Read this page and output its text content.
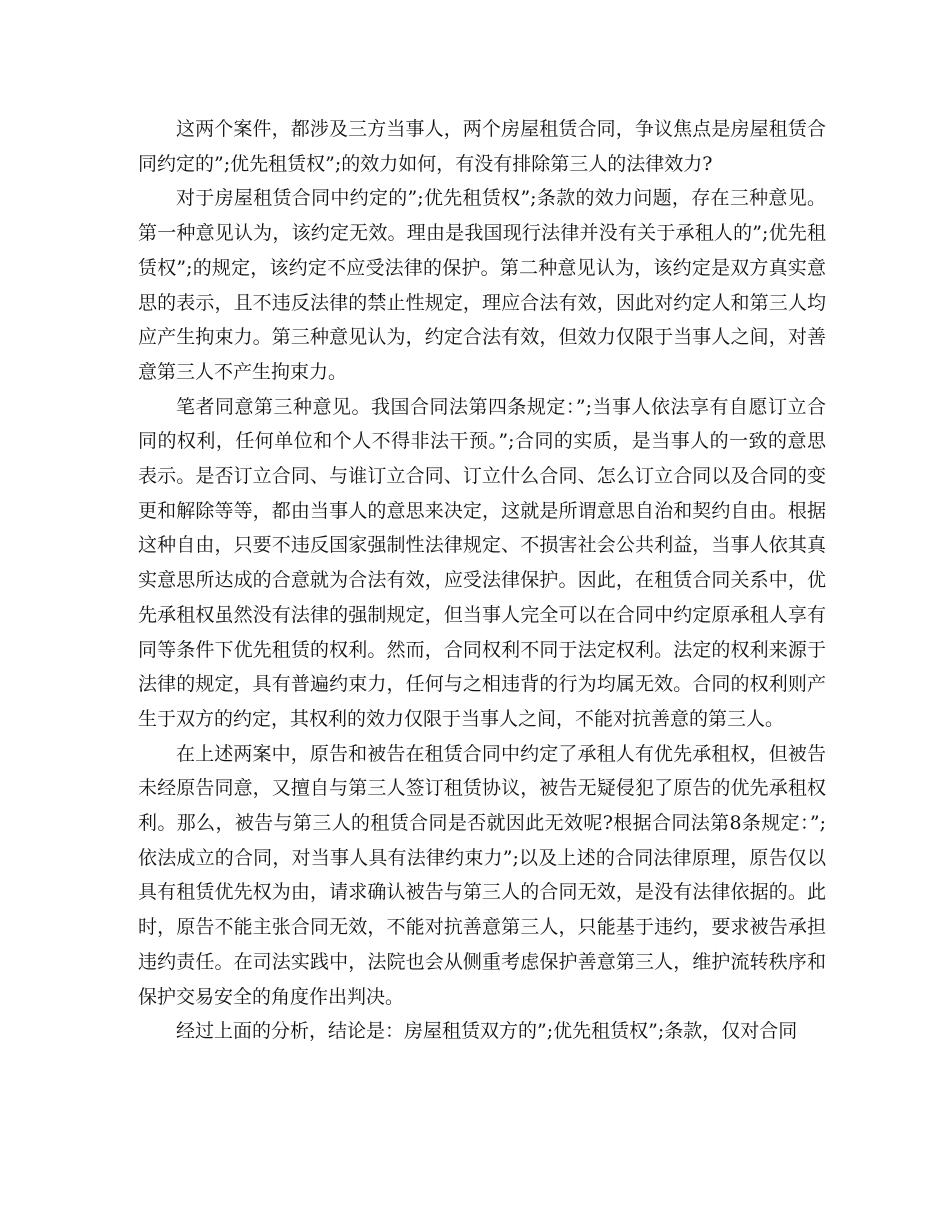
这两个案件，都涉及三方当事人，两个房屋租赁合同，争议焦点是房屋租赁合同约定的”;优先租赁权”;的效力如何，有没有排除第三人的法律效力?

对于房屋租赁合同中约定的”;优先租赁权”;条款的效力问题，存在三种意见。第一种意见认为，该约定无效。理由是我国现行法律并没有关于承租人的”;优先租赁权”;的规定，该约定不应受法律的保护。第二种意见认为，该约定是双方真实意思的表示，且不违反法律的禁止性规定，理应合法有效，因此对约定人和第三人均应产生拘束力。第三种意见认为，约定合法有效，但效力仅限于当事人之间，对善意第三人不产生拘束力。

笔者同意第三种意见。我国合同法第四条规定：”;当事人依法享有自愿订立合同的权利，任何单位和个人不得非法干预。”;合同的实质，是当事人的一致的意思表示。是否订立合同、与谁订立合同、订立什么合同、怎么订立合同以及合同的变更和解除等等，都由当事人的意思来决定，这就是所谓意思自治和契约自由。根据这种自由，只要不违反国家强制性法律规定、不损害社会公共利益，当事人依其真实意思所达成的合意就为合法有效，应受法律保护。因此，在租赁合同关系中，优先承租权虽然没有法律的强制规定，但当事人完全可以在合同中约定原承租人享有同等条件下优先租赁的权利。然而，合同权利不同于法定权利。法定的权利来源于法律的规定，具有普遍约束力，任何与之相违背的行为均属无效。合同的权利则产生于双方的约定，其权利的效力仅限于当事人之间，不能对抗善意的第三人。

在上述两案中，原告和被告在租赁合同中约定了承租人有优先承租权，但被告未经原告同意，又擅自与第三人签订租赁协议，被告无疑侵犯了原告的优先承租权利。那么，被告与第三人的租赁合同是否就因此无效呢?根据合同法第8条规定：”;依法成立的合同，对当事人具有法律约束力”;以及上述的合同法律原理，原告仅以具有租赁优先权为由，请求确认被告与第三人的合同无效，是没有法律依据的。此时，原告不能主张合同无效，不能对抗善意第三人，只能基于违约，要求被告承担违约责任。在司法实践中，法院也会从侧重考虑保护善意第三人，维护流转秩序和保护交易安全的角度作出判决。

经过上面的分析，结论是：房屋租赁双方的”;优先租赁权”;条款，仅对合同
